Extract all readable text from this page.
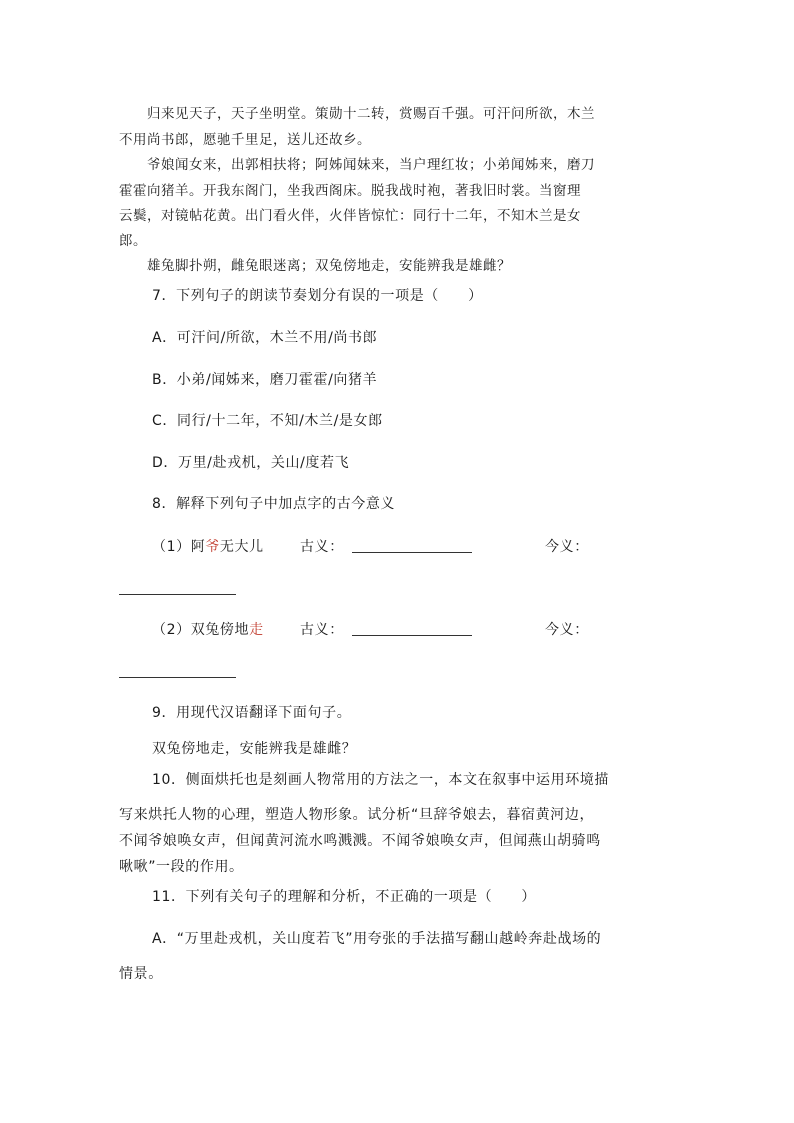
归来见天子，天子坐明堂。策勋十二转，赏赐百千强。可汗问所欲，木兰
不用尚书郎，愿驰千里足，送儿还故乡。
爷娘闻女来，出郭相扶将；阿姊闻妹来，当户理红妆；小弟闻姊来，磨刀
霍霍向猪羊。开我东阁门，坐我西阁床。脱我战时袍，著我旧时裳。当窗理
云鬓，对镜帖花黄。出门看火伴，火伴皆惊忙：同行十二年，不知木兰是女
郎。
雄兔脚扑朔，雌兔眼迷离；双兔傍地走，安能辨我是雄雌？
7．下列句子的朗读节奏划分有误的一项是（　　）
A．可汗问/所欲，木兰不用/尚书郎
B．小弟/闻姊来，磨刀霍霍/向猪羊
C．同行/十二年，不知/木兰/是女郎
D．万里/赴戎机，关山/度若飞
8．解释下列句子中加点字的古今意义
（1）阿爷无大儿	古义：	今义：
（2）双兔傍地走	古义：	今义：
9．用现代汉语翻译下面句子。
双兔傍地走，安能辨我是雄雌？
10．侧面烘托也是刻画人物常用的方法之一，本文在叙事中运用环境描
写来烘托人物的心理，塑造人物形象。试分析“旦辞爷娘去，暮宿黄河边，
不闻爷娘唤女声，但闻黄河流水鸣溅溅。不闻爷娘唤女声，但闻燕山胡骑鸣
啾啾”一段的作用。
11．下列有关句子的理解和分析，不正确的一项是（　　）
A．“万里赴戎机，关山度若飞”用夸张的手法描写翻山越岭奔赴战场的
情景。
